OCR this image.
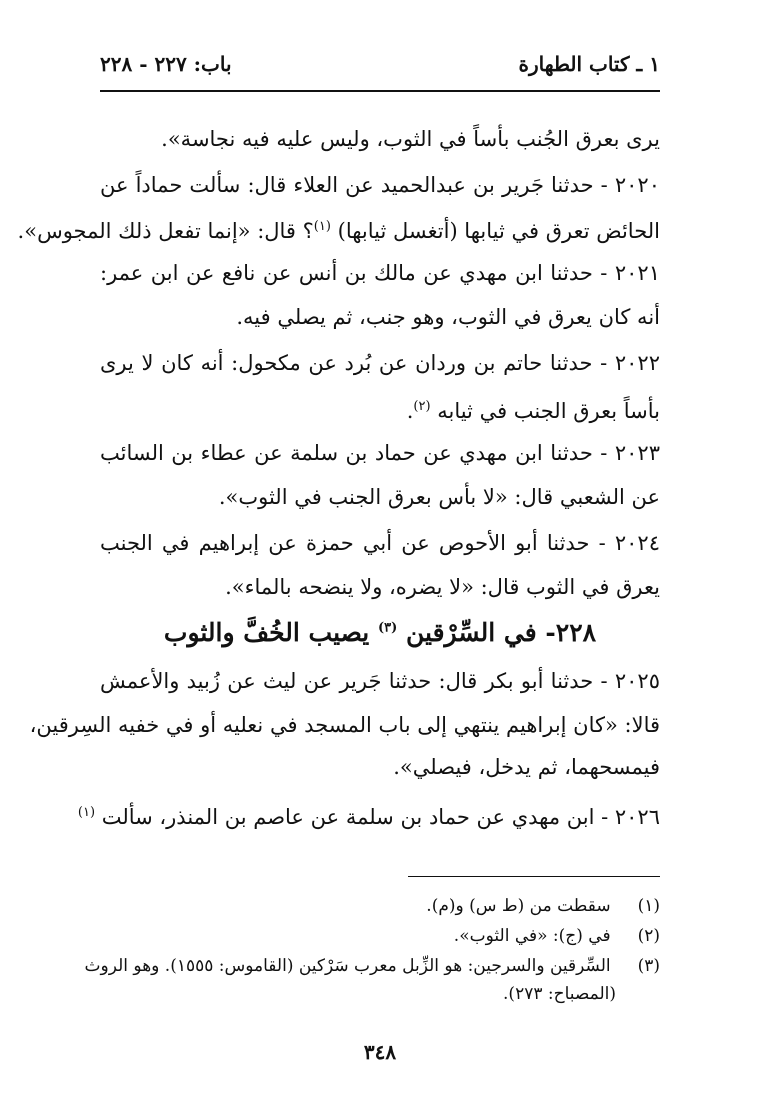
١ ـ كتاب الطهارة
باب: ٢٢٧ - ٢٢٨
يرى بعرق الجُنب بأساً في الثوب، وليس عليه فيه نجاسة».
٢٠٢٠ - حدثنا جَرير بن عبدالحميد عن العلاء قال: سألت حماداً عن
الحائض تعرق في ثيابها (أتغسل ثيابها) $^{(١)}$؟ قال: «إنما تفعل ذلك المجوس».
٢٠٢١ - حدثنا ابن مهدي عن مالك بن أنس عن نافع عن ابن عمر:
أنه كان يعرق في الثوب، وهو جنب، ثم يصلي فيه.
٢٠٢٢ - حدثنا حاتم بن وردان عن بُرد عن مكحول: أنه كان لا يرى
بأساً بعرق الجنب في ثيابه $^{(٢)}$.
٢٠٢٣ - حدثنا ابن مهدي عن حماد بن سلمة عن عطاء بن السائب
عن الشعبي قال: «لا بأس بعرق الجنب في الثوب».
٢٠٢٤ - حدثنا أبو الأحوص عن أبي حمزة عن إبراهيم في الجنب
يعرق في الثوب قال: «لا يضره، ولا ينضحه بالماء».
٢٢٨- في السِّرْقين $^{(٣)}$ يصيب الخُفَّ والثوب
٢٠٢٥ - حدثنا أبو بكر قال: حدثنا جَرير عن ليث عن زُبيد والأعمش
قالا: «كان إبراهيم ينتهي إلى باب المسجد في نعليه أو في خفيه السِرقين،
فيمسحهما، ثم يدخل، فيصلي».
٢٠٢٦ - ابن مهدي عن حماد بن سلمة عن عاصم بن المنذر، سألت $^{(١)}$
(١) سقطت من (ط س) و(م).
(٢) في (ج): «في الثوب».
(٣) السِّرقين والسرجين: هو الزِّبل معرب سَرْكين (القاموس: ١٥٥٥). وهو الروث
(المصباح: ٢٧٣).
٣٤٨
